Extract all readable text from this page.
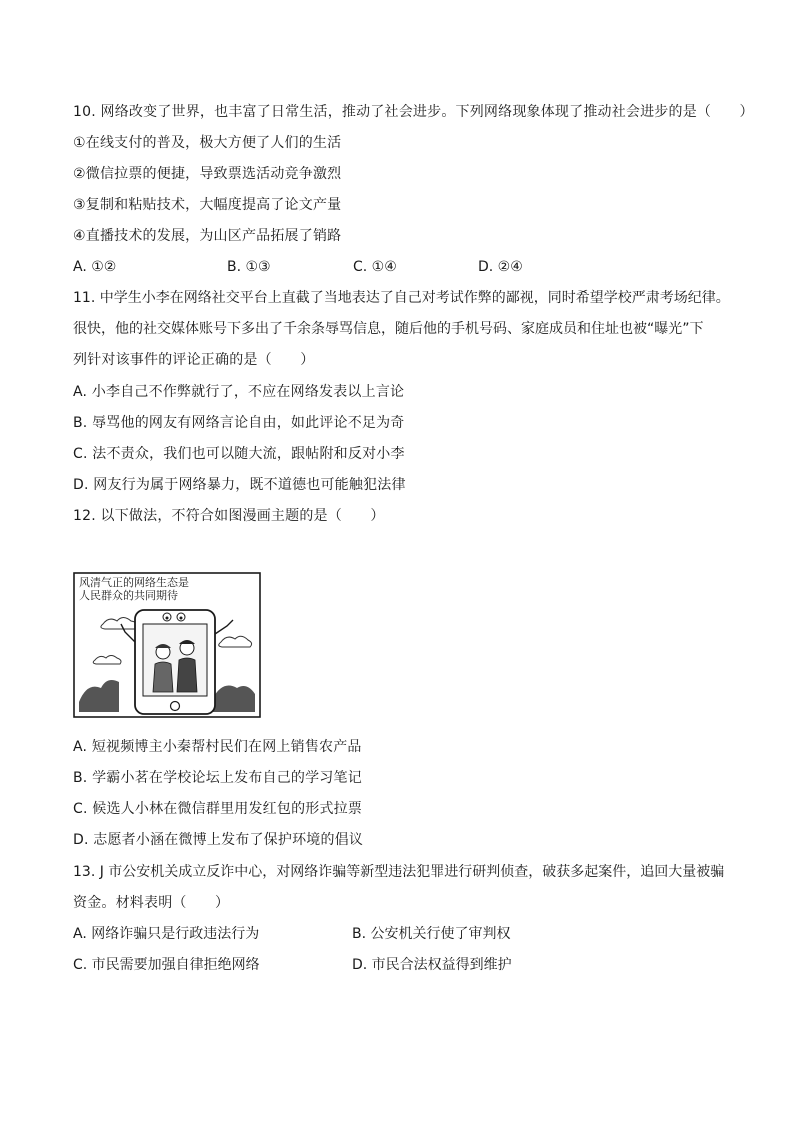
10. 网络改变了世界，也丰富了日常生活，推动了社会进步。下列网络现象体现了推动社会进步的是（　　）
①在线支付的普及，极大方便了人们的生活
②微信拉票的便捷，导致票选活动竞争激烈
③复制和粘贴技术，大幅度提高了论文产量
④直播技术的发展，为山区产品拓展了销路
A. ①②	B. ①③	C. ①④	D. ②④
11. 中学生小李在网络社交平台上直截了当地表达了自己对考试作弊的鄙视，同时希望学校严肃考场纪律。
很快，他的社交媒体账号下多出了千余条辱骂信息，随后他的手机号码、家庭成员和住址也被“曝光”下
列针对该事件的评论正确的是（　　）
A. 小李自己不作弊就行了，不应在网络发表以上言论
B. 辱骂他的网友有网络言论自由，如此评论不足为奇
C. 法不责众，我们也可以随大流，跟帖附和反对小李
D. 网友行为属于网络暴力，既不道德也可能触犯法律
12. 以下做法，不符合如图漫画主题的是（　　）
风清气正的网络生态是
人民群众的共同期待
A. 短视频博主小秦帮村民们在网上销售农产品
B. 学霸小茗在学校论坛上发布自己的学习笔记
C. 候选人小林在微信群里用发红包的形式拉票
D. 志愿者小涵在微博上发布了保护环境的倡议
13. J 市公安机关成立反诈中心，对网络诈骗等新型违法犯罪进行研判侦查，破获多起案件，追回大量被骗
资金。材料表明（　　）
A. 网络诈骗只是行政违法行为	B. 公安机关行使了审判权
C. 市民需要加强自律拒绝网络	D. 市民合法权益得到维护
